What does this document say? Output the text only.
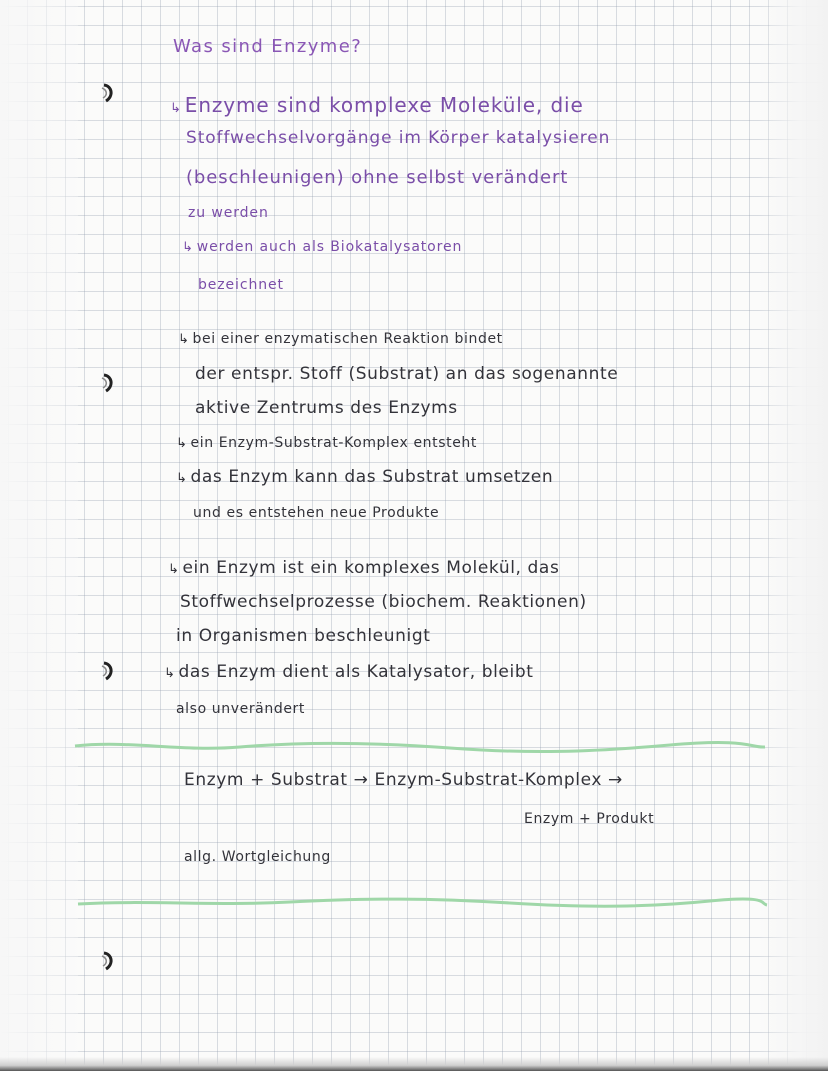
Was sind Enzyme?
↳ Enzyme sind komplexe Moleküle, die
Stoffwechselvorgänge im Körper katalysieren
(beschleunigen) ohne selbst verändert
zu werden
↳ werden auch als Biokatalysatoren
bezeichnet
↳ bei einer enzymatischen Reaktion bindet
der entspr. Stoff (Substrat) an das sogenannte
aktive Zentrums des Enzyms
↳ ein Enzym-Substrat-Komplex entsteht
↳ das Enzym kann das Substrat umsetzen
und es entstehen neue Produkte
↳ ein Enzym ist ein komplexes Molekül, das
Stoffwechselprozesse (biochem. Reaktionen)
in Organismen beschleunigt
↳ das Enzym dient als Katalysator, bleibt
also unverändert
Enzym + Substrat → Enzym-Substrat-Komplex →
Enzym + Produkt
allg. Wortgleichung
